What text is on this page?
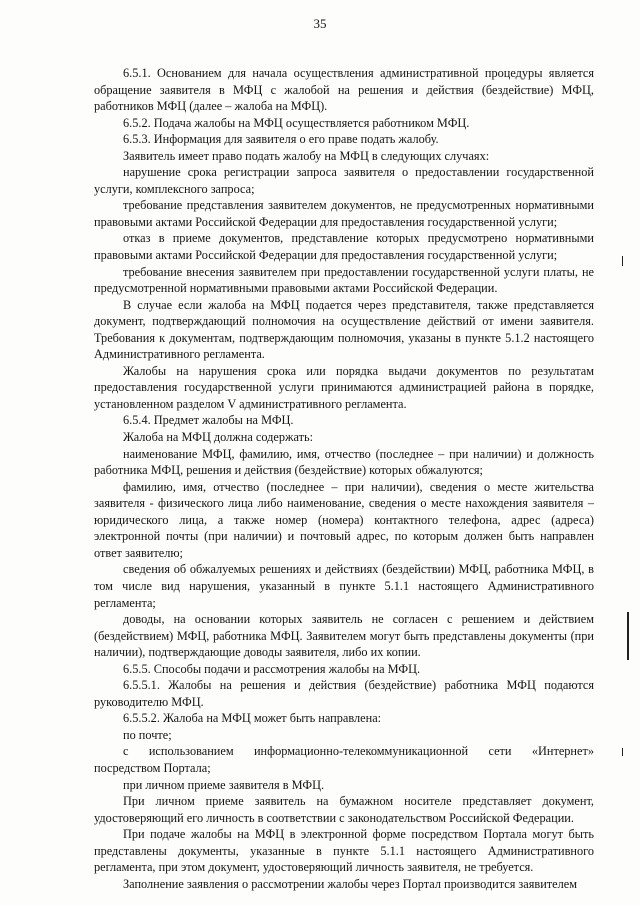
35

6.5.1. Основанием для начала осуществления административной процедуры является обращение заявителя в МФЦ с жалобой на решения и действия (бездействие) МФЦ, работников МФЦ (далее – жалоба на МФЦ).

6.5.2. Подача жалобы на МФЦ осуществляется работником МФЦ.

6.5.3. Информация для заявителя о его праве подать жалобу.

Заявитель имеет право подать жалобу на МФЦ в следующих случаях:

нарушение срока регистрации запроса заявителя о предоставлении государственной услуги, комплексного запроса;

требование представления заявителем документов, не предусмотренных нормативными правовыми актами Российской Федерации для предоставления государственной услуги;

отказ в приеме документов, представление которых предусмотрено нормативными правовыми актами Российской Федерации для предоставления государственной услуги;

требование внесения заявителем при предоставлении государственной услуги платы, не предусмотренной нормативными правовыми актами Российской Федерации.

В случае если жалоба на МФЦ подается через представителя, также представляется документ, подтверждающий полномочия на осуществление действий от имени заявителя. Требования к документам, подтверждающим полномочия, указаны в пункте 5.1.2 настоящего Административного регламента.

Жалобы на нарушения срока или порядка выдачи документов по результатам предоставления государственной услуги принимаются администрацией района в порядке, установленном разделом V административного регламента.

6.5.4. Предмет жалобы на МФЦ.

Жалоба на МФЦ должна содержать:

наименование МФЦ, фамилию, имя, отчество (последнее – при наличии) и должность работника МФЦ, решения и действия (бездействие) которых обжалуются;

фамилию, имя, отчество (последнее – при наличии), сведения о месте жительства заявителя - физического лица либо наименование, сведения о месте нахождения заявителя – юридического лица, а также номер (номера) контактного телефона, адрес (адреса) электронной почты (при наличии) и почтовый адрес, по которым должен быть направлен ответ заявителю;

сведения об обжалуемых решениях и действиях (бездействии) МФЦ, работника МФЦ, в том числе вид нарушения, указанный в пункте 5.1.1 настоящего Административного регламента;

доводы, на основании которых заявитель не согласен с решением и действием (бездействием) МФЦ, работника МФЦ. Заявителем могут быть представлены документы (при наличии), подтверждающие доводы заявителя, либо их копии.

6.5.5. Способы подачи и рассмотрения жалобы на МФЦ.

6.5.5.1. Жалобы на решения и действия (бездействие) работника МФЦ подаются руководителю МФЦ.

6.5.5.2. Жалоба на МФЦ может быть направлена:

по почте;

с использованием информационно-телекоммуникационной сети «Интернет» посредством Портала;

при личном приеме заявителя в МФЦ.

При личном приеме заявитель на бумажном носителе представляет документ, удостоверяющий его личность в соответствии с законодательством Российской Федерации.

При подаче жалобы на МФЦ в электронной форме посредством Портала могут быть представлены документы, указанные в пункте 5.1.1 настоящего Административного регламента, при этом документ, удостоверяющий личность заявителя, не требуется.

Заполнение заявления о рассмотрении жалобы через Портал производится заявителем
